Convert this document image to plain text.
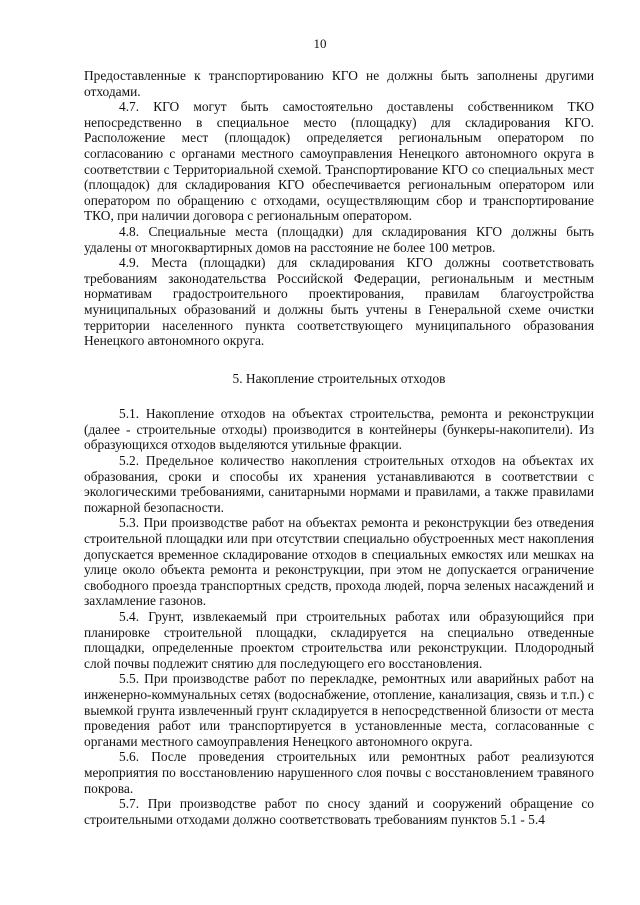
10

Предоставленные к транспортированию КГО не должны быть заполнены другими отходами.

4.7. КГО могут быть самостоятельно доставлены собственником ТКО непосредственно в специальное место (площадку) для складирования КГО. Расположение мест (площадок) определяется региональным оператором по согласованию с органами местного самоуправления Ненецкого автономного округа в соответствии с Территориальной схемой. Транспортирование КГО со специальных мест (площадок) для складирования КГО обеспечивается региональным оператором или оператором по обращению с отходами, осуществляющим сбор и транспортирование ТКО, при наличии договора с региональным оператором.

4.8. Специальные места (площадки) для складирования КГО должны быть удалены от многоквартирных домов на расстояние не более 100 метров.

4.9. Места (площадки) для складирования КГО должны соответствовать требованиям законодательства Российской Федерации, региональным и местным нормативам градостроительного проектирования, правилам благоустройства муниципальных образований и должны быть учтены в Генеральной схеме очистки территории населенного пункта соответствующего муниципального образования Ненецкого автономного округа.

5. Накопление строительных отходов

5.1. Накопление отходов на объектах строительства, ремонта и реконструкции (далее - строительные отходы) производится в контейнеры (бункеры-накопители). Из образующихся отходов выделяются утильные фракции.

5.2. Предельное количество накопления строительных отходов на объектах их образования, сроки и способы их хранения устанавливаются в соответствии с экологическими требованиями, санитарными нормами и правилами, а также правилами пожарной безопасности.

5.3. При производстве работ на объектах ремонта и реконструкции без отведения строительной площадки или при отсутствии специально обустроенных мест накопления допускается временное складирование отходов в специальных емкостях или мешках на улице около объекта ремонта и реконструкции, при этом не допускается ограничение свободного проезда транспортных средств, прохода людей, порча зеленых насаждений и захламление газонов.

5.4. Грунт, извлекаемый при строительных работах или образующийся при планировке строительной площадки, складируется на специально отведенные площадки, определенные проектом строительства или реконструкции. Плодородный слой почвы подлежит снятию для последующего его восстановления.

5.5. При производстве работ по перекладке, ремонтных или аварийных работ на инженерно-коммунальных сетях (водоснабжение, отопление, канализация, связь и т.п.) с выемкой грунта извлеченный грунт складируется в непосредственной близости от места проведения работ или транспортируется в установленные места, согласованные с органами местного самоуправления Ненецкого автономного округа.

5.6. После проведения строительных или ремонтных работ реализуются мероприятия по восстановлению нарушенного слоя почвы с восстановлением травяного покрова.

5.7. При производстве работ по сносу зданий и сооружений обращение со строительными отходами должно соответствовать требованиям пунктов 5.1 - 5.4
